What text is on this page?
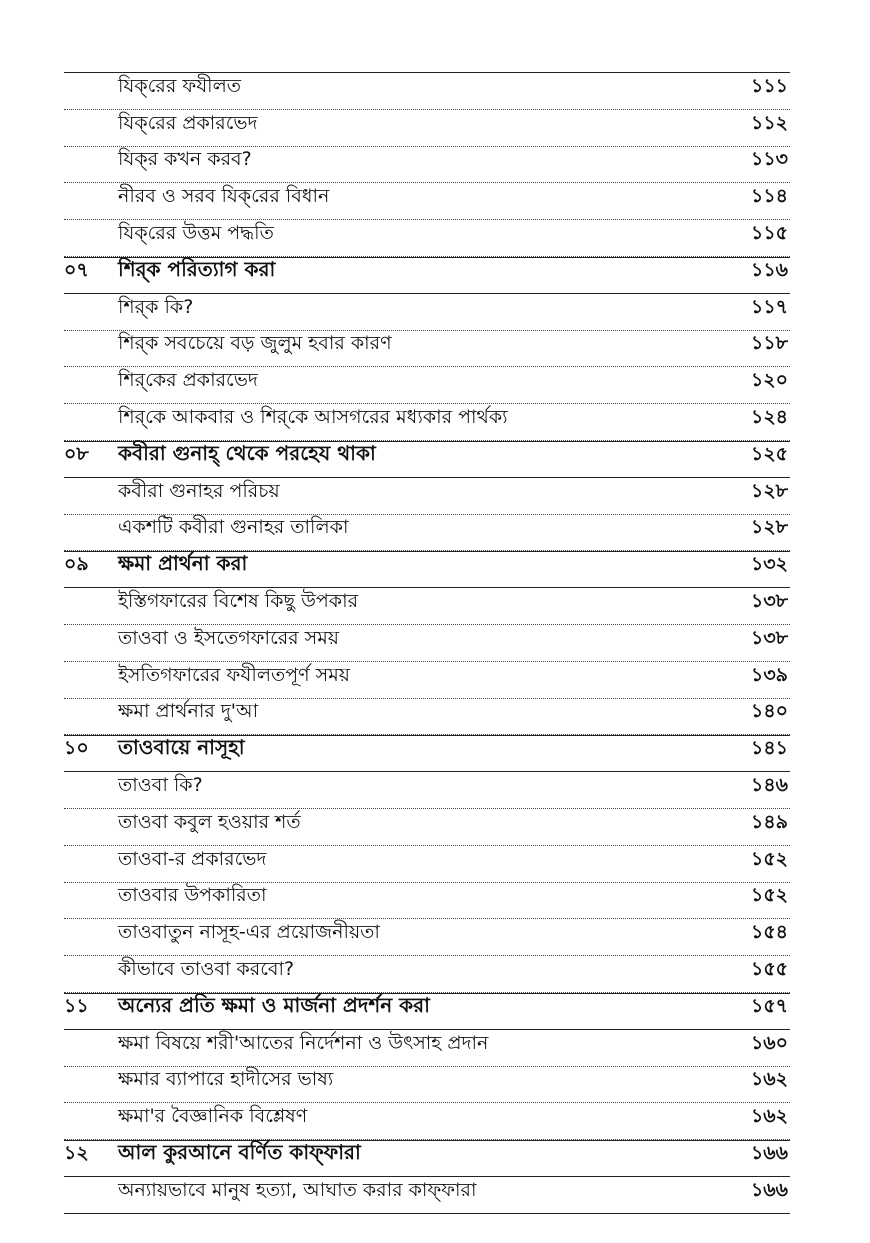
যিক্‌রের ফযীলত	১১১
যিক্‌রের প্রকারভেদ	১১২
যিক্‌র কখন করব?	১১৩
নীরব ও সরব যিক্‌রের বিধান	১১৪
যিক্‌রের উত্তম পদ্ধতি	১১৫
০৭	শির্‌ক পরিত্যাগ করা	১১৬
শির্‌ক কি?	১১৭
শির্‌ক সবচেয়ে বড় জুলুম হবার কারণ	১১৮
শির্‌কের প্রকারভেদ	১২০
শির্‌কে আকবার ও শির্‌কে আসগরের মধ্যকার পার্থক্য	১২৪
০৮	কবীরা গুনাহ্‌ থেকে পরহেয থাকা	১২৫
কবীরা গুনাহর পরিচয়	১২৮
একশটি কবীরা গুনাহর তালিকা	১২৮
০৯	ক্ষমা প্রার্থনা করা	১৩২
ইস্তিগফারের বিশেষ কিছু উপকার	১৩৮
তাওবা ও ইসতেগফারের সময়	১৩৮
ইসতিগফারের ফযীলতপূর্ণ সময়	১৩৯
ক্ষমা প্রার্থনার দু'আ	১৪০
১০	তাওবায়ে নাসূহা	১৪১
তাওবা কি?	১৪৬
তাওবা কবুল হওয়ার শর্ত	১৪৯
তাওবা-র প্রকারভেদ	১৫২
তাওবার উপকারিতা	১৫২
তাওবাতুন নাসূহ-এর প্রয়োজনীয়তা	১৫৪
কীভাবে তাওবা করবো?	১৫৫
১১	অন্যের প্রতি ক্ষমা ও মার্জনা প্রদর্শন করা	১৫৭
ক্ষমা বিষয়ে শরী'আতের নির্দেশনা ও উৎসাহ প্রদান	১৬০
ক্ষমার ব্যাপারে হাদীসের ভাষ্য	১৬২
ক্ষমা'র বৈজ্ঞানিক বিশ্লেষণ	১৬২
১২	আল কুরআনে বর্ণিত কাফ্‌ফারা	১৬৬
অন্যায়ভাবে মানুষ হত্যা, আঘাত করার কাফ্‌ফারা	১৬৬
